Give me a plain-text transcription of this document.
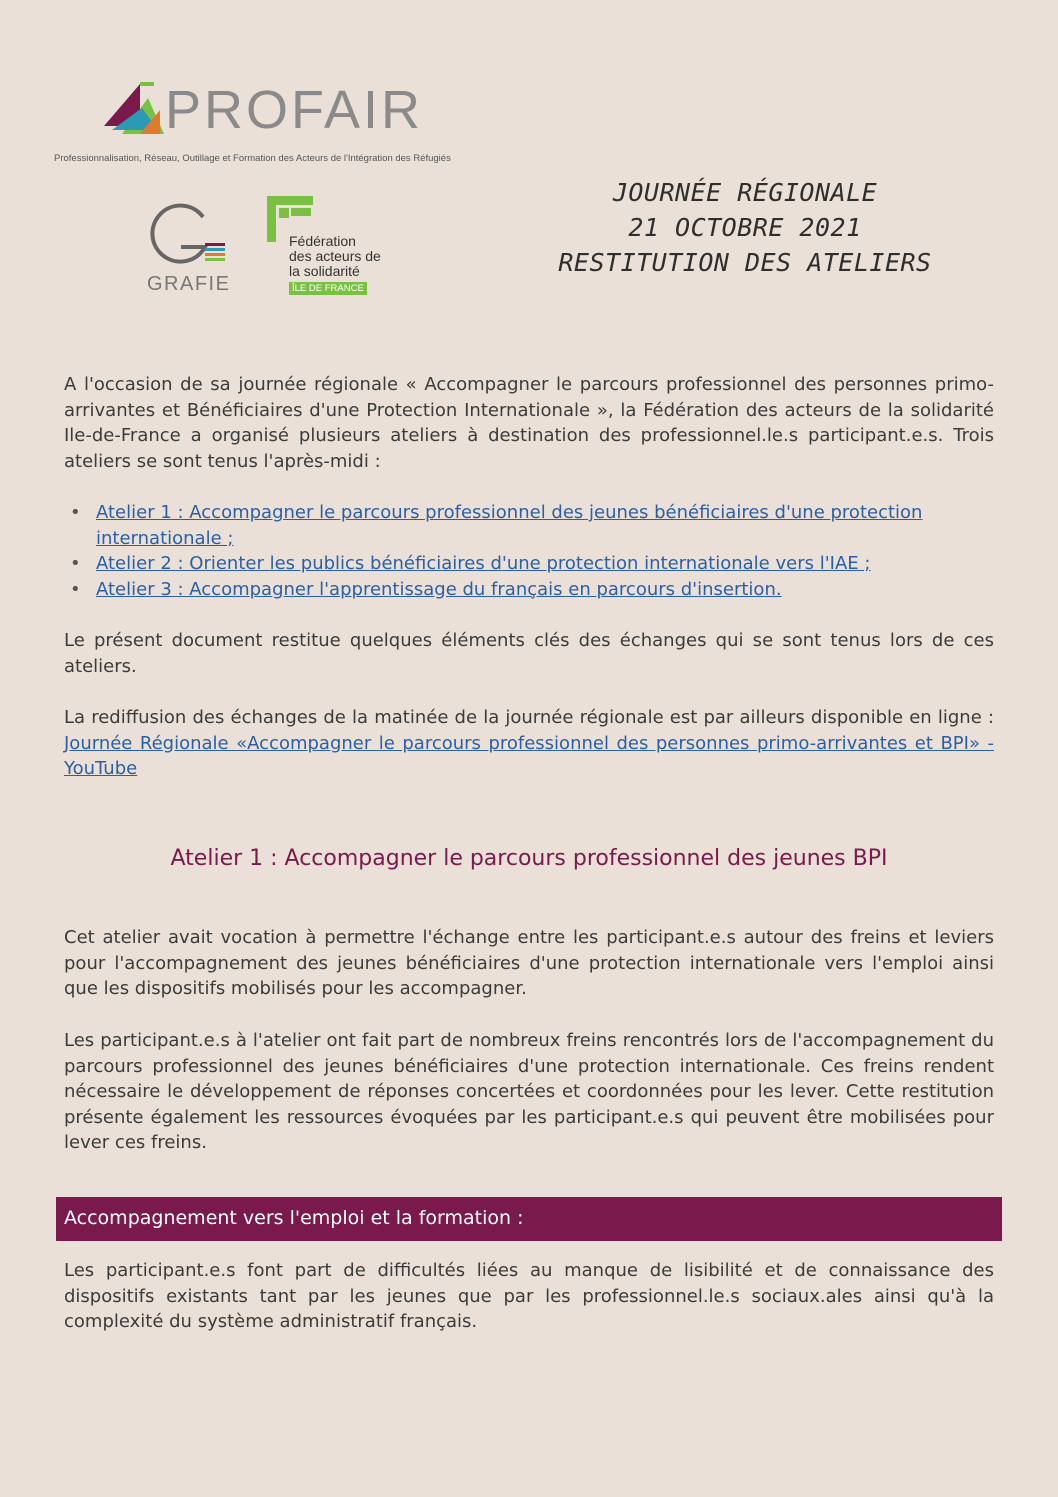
PROFAIR
Professionnalisation, Réseau, Outillage et Formation des Acteurs de l'Intégration des Réfugiés
GRAFIE
Fédération
des acteurs de
la solidarité
ÎLE DE FRANCE
JOURNÉE RÉGIONALE
21 OCTOBRE 2021
RESTITUTION DES ATELIERS

A l'occasion de sa journée régionale « Accompagner le parcours professionnel des personnes primo-arrivantes et Bénéficiaires d'une Protection Internationale », la Fédération des acteurs de la solidarité Ile-de-France a organisé plusieurs ateliers à destination des professionnel.le.s participant.e.s. Trois ateliers se sont tenus l'après-midi :

• Atelier 1 : Accompagner le parcours professionnel des jeunes bénéficiaires d'une protection internationale ;
• Atelier 2 : Orienter les publics bénéficiaires d'une protection internationale vers l'IAE ;
• Atelier 3 : Accompagner l'apprentissage du français en parcours d'insertion.

Le présent document restitue quelques éléments clés des échanges qui se sont tenus lors de ces ateliers.

La rediffusion des échanges de la matinée de la journée régionale est par ailleurs disponible en ligne : Journée Régionale «Accompagner le parcours professionnel des personnes primo-arrivantes et BPI» - YouTube

Atelier 1 : Accompagner le parcours professionnel des jeunes BPI

Cet atelier avait vocation à permettre l'échange entre les participant.e.s autour des freins et leviers pour l'accompagnement des jeunes bénéficiaires d'une protection internationale vers l'emploi ainsi que les dispositifs mobilisés pour les accompagner.

Les participant.e.s à l'atelier ont fait part de nombreux freins rencontrés lors de l'accompagnement du parcours professionnel des jeunes bénéficiaires d'une protection internationale. Ces freins rendent nécessaire le développement de réponses concertées et coordonnées pour les lever. Cette restitution présente également les ressources évoquées par les participant.e.s qui peuvent être mobilisées pour lever ces freins.

Accompagnement vers l'emploi et la formation :

Les participant.e.s font part de difficultés liées au manque de lisibilité et de connaissance des dispositifs existants tant par les jeunes que par les professionnel.le.s sociaux.ales ainsi qu'à la complexité du système administratif français.
